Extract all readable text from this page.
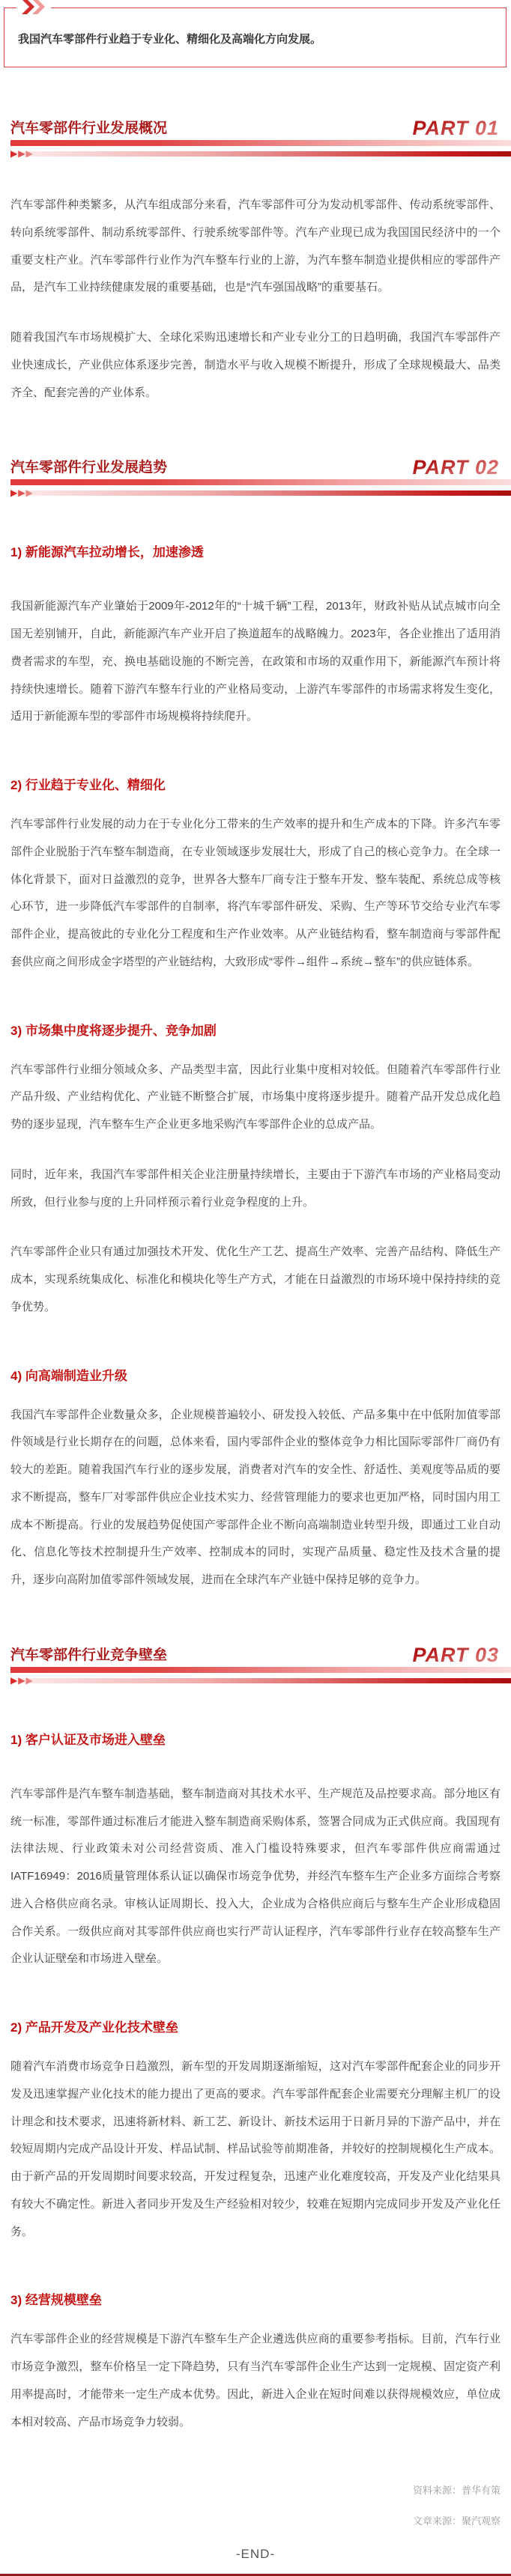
我国汽车零部件行业趋于专业化、精细化及高端化方向发展。

汽车零部件行业发展概况	PART 01
▶ ▶ ▶

汽车零部件种类繁多，从汽车组成部分来看，汽车零部件可分为发动机零部件、传动系统零部件、转向系统零部件、制动系统零部件、行驶系统零部件等。汽车产业现已成为我国国民经济中的一个重要支柱产业。汽车零部件行业作为汽车整车行业的上游，为汽车整车制造业提供相应的零部件产品，是汽车工业持续健康发展的重要基础，也是“汽车强国战略”的重要基石。

随着我国汽车市场规模扩大、全球化采购迅速增长和产业专业分工的日趋明确，我国汽车零部件产业快速成长，产业供应体系逐步完善，制造水平与收入规模不断提升，形成了全球规模最大、品类齐全、配套完善的产业体系。

汽车零部件行业发展趋势	PART 02
▶ ▶ ▶
1) 新能源汽车拉动增长，加速渗透

我国新能源汽车产业肇始于2009年-2012年的“十城千辆”工程，2013年，财政补贴从试点城市向全国无差别铺开，自此，新能源汽车产业开启了换道超车的战略魄力。2023年，各企业推出了适用消费者需求的车型，充、换电基础设施的不断完善，在政策和市场的双重作用下，新能源汽车预计将持续快速增长。随着下游汽车整车行业的产业格局变动，上游汽车零部件的市场需求将发生变化，适用于新能源车型的零部件市场规模将持续爬升。

2) 行业趋于专业化、精细化

汽车零部件行业发展的动力在于专业化分工带来的生产效率的提升和生产成本的下降。许多汽车零部件企业脱胎于汽车整车制造商，在专业领域逐步发展壮大，形成了自己的核心竞争力。在全球一体化背景下，面对日益激烈的竞争，世界各大整车厂商专注于整车开发、整车装配、系统总成等核心环节，进一步降低汽车零部件的自制率，将汽车零部件研发、采购、生产等环节交给专业汽车零部件企业，提高彼此的专业化分工程度和生产作业效率。从产业链结构看，整车制造商与零部件配套供应商之间形成金字塔型的产业链结构，大致形成“零件→组件→系统→整车”的供应链体系。

3) 市场集中度将逐步提升、竞争加剧

汽车零部件行业细分领域众多、产品类型丰富，因此行业集中度相对较低。但随着汽车零部件行业产品升级、产业结构优化、产业链不断整合扩展，市场集中度将逐步提升。随着产品开发总成化趋势的逐步显现，汽车整车生产企业更多地采购汽车零部件企业的总成产品。

同时，近年来，我国汽车零部件相关企业注册量持续增长，主要由于下游汽车市场的产业格局变动所致，但行业参与度的上升同样预示着行业竞争程度的上升。

汽车零部件企业只有通过加强技术开发、优化生产工艺、提高生产效率、完善产品结构、降低生产成本，实现系统集成化、标准化和模块化等生产方式，才能在日益激烈的市场环境中保持持续的竞争优势。

4) 向高端制造业升级

我国汽车零部件企业数量众多，企业规模普遍较小、研发投入较低、产品多集中在中低附加值零部件领域是行业长期存在的问题，总体来看，国内零部件企业的整体竞争力相比国际零部件厂商仍有较大的差距。随着我国汽车行业的逐步发展，消费者对汽车的安全性、舒适性、美观度等品质的要求不断提高，整车厂对零部件供应企业技术实力、经营管理能力的要求也更加严格，同时国内用工成本不断提高。行业的发展趋势促使国产零部件企业不断向高端制造业转型升级，即通过工业自动化、信息化等技术控制提升生产效率、控制成本的同时，实现产品质量、稳定性及技术含量的提升，逐步向高附加值零部件领域发展，进而在全球汽车产业链中保持足够的竞争力。

汽车零部件行业竞争壁垒	PART 03
▶ ▶ ▶
1) 客户认证及市场进入壁垒

汽车零部件是汽车整车制造基础，整车制造商对其技术水平、生产规范及品控要求高。部分地区有统一标准，零部件通过标准后才能进入整车制造商采购体系，签署合同成为正式供应商。我国现有法律法规、行业政策未对公司经营资质、准入门槛设特殊要求，但汽车零部件供应商需通过IATF16949：2016质量管理体系认证以确保市场竞争优势，并经汽车整车生产企业多方面综合考察进入合格供应商名录。审核认证周期长、投入大，企业成为合格供应商后与整车生产企业形成稳固合作关系。一级供应商对其零部件供应商也实行严苛认证程序，汽车零部件行业存在较高整车生产企业认证壁垒和市场进入壁垒。

2) 产品开发及产业化技术壁垒

随着汽车消费市场竞争日趋激烈，新车型的开发周期逐渐缩短，这对汽车零部件配套企业的同步开发及迅速掌握产业化技术的能力提出了更高的要求。汽车零部件配套企业需要充分理解主机厂的设计理念和技术要求，迅速将新材料、新工艺、新设计、新技术运用于日新月异的下游产品中，并在较短周期内完成产品设计开发、样品试制、样品试验等前期准备，并较好的控制规模化生产成本。由于新产品的开发周期时间要求较高，开发过程复杂，迅速产业化难度较高，开发及产业化结果具有较大不确定性。新进入者同步开发及生产经验相对较少，较难在短期内完成同步开发及产业化任务。

3) 经营规模壁垒

汽车零部件企业的经营规模是下游汽车整车生产企业遴选供应商的重要参考指标。目前，汽车行业市场竞争激烈，整车价格呈一定下降趋势，只有当汽车零部件企业生产达到一定规模、固定资产利用率提高时，才能带来一定生产成本优势。因此，新进入企业在短时间难以获得规模效应，单位成本相对较高、产品市场竞争力较弱。

资料来源：普华有策

文章来源：聚汽观察

-END-
